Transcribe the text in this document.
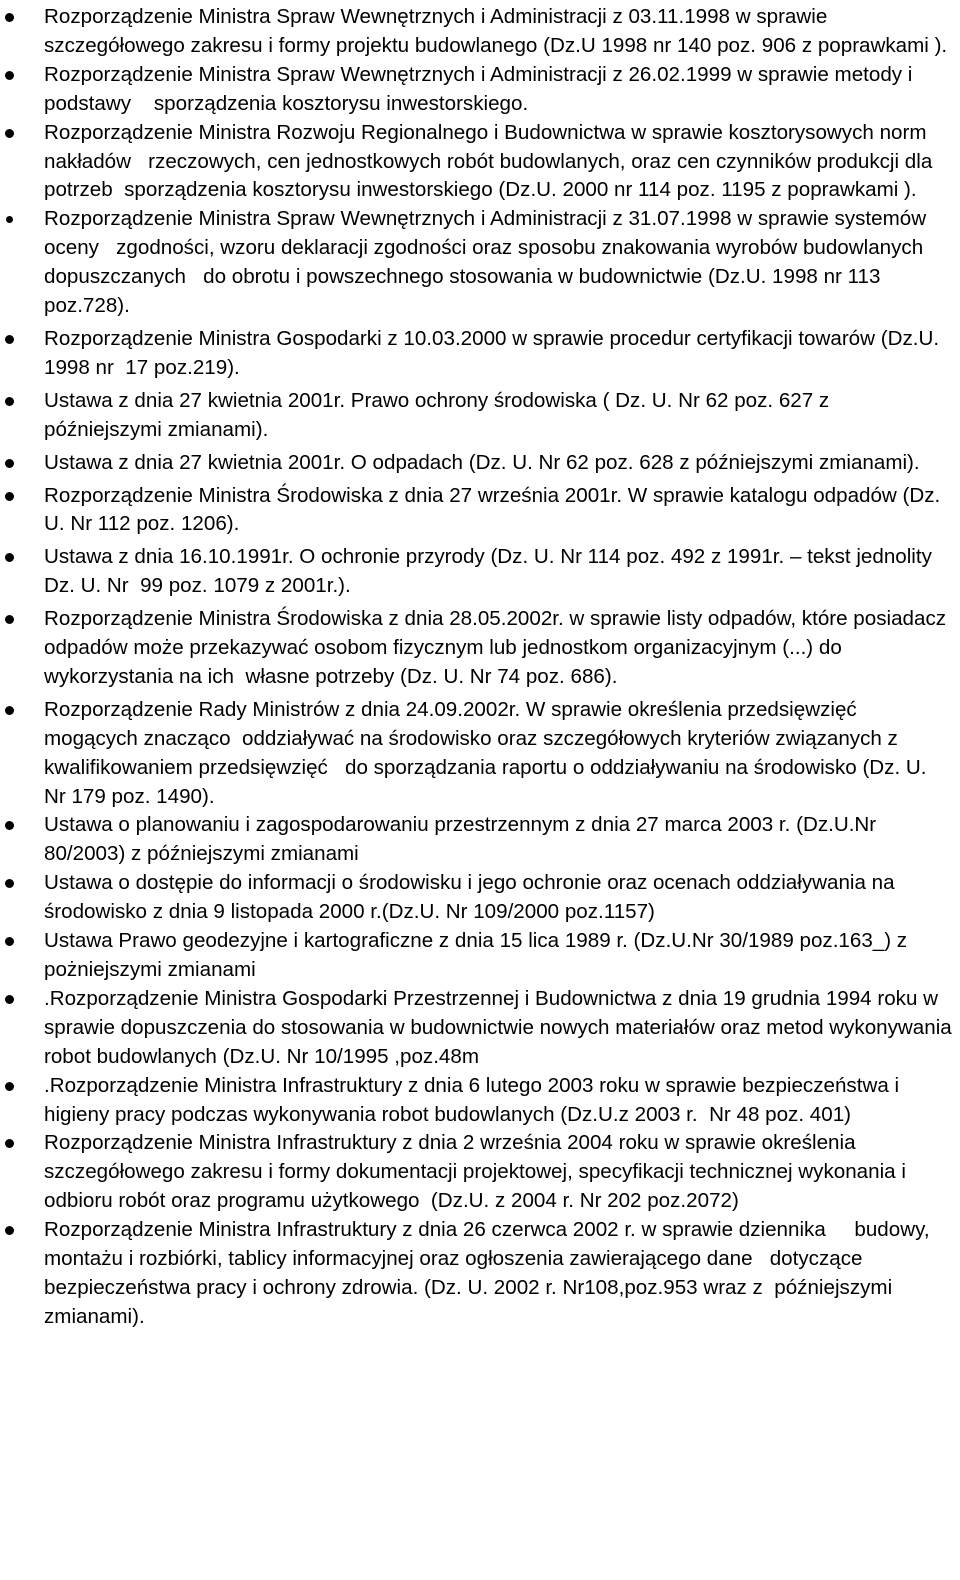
Rozporządzenie Ministra Spraw Wewnętrznych i Administracji z 03.11.1998 w sprawie szczegółowego zakresu i formy projektu budowlanego (Dz.U 1998 nr 140 poz. 906 z poprawkami ).
Rozporządzenie Ministra Spraw Wewnętrznych i Administracji z 26.02.1999 w sprawie metody i podstawy    sporządzenia kosztorysu inwestorskiego.
Rozporządzenie Ministra Rozwoju Regionalnego i Budownictwa w sprawie kosztorysowych norm nakładów   rzeczowych, cen jednostkowych robót budowlanych, oraz cen czynników produkcji dla potrzeb  sporządzenia kosztorysu inwestorskiego (Dz.U. 2000 nr 114 poz. 1195 z poprawkami ).
Rozporządzenie Ministra Spraw Wewnętrznych i Administracji z 31.07.1998 w sprawie systemów oceny   zgodności, wzoru deklaracji zgodności oraz sposobu znakowania wyrobów budowlanych dopuszczanych   do obrotu i powszechnego stosowania w budownictwie (Dz.U. 1998 nr 113 poz.728).
Rozporządzenie Ministra Gospodarki z 10.03.2000 w sprawie procedur certyfikacji towarów (Dz.U. 1998 nr  17 poz.219).
Ustawa z dnia 27 kwietnia 2001r. Prawo ochrony środowiska ( Dz. U. Nr 62 poz. 627 z późniejszymi zmianami).
Ustawa z dnia 27 kwietnia 2001r. O odpadach (Dz. U. Nr 62 poz. 628 z późniejszymi zmianami).
Rozporządzenie Ministra Środowiska z dnia 27 września 2001r. W sprawie katalogu odpadów (Dz. U. Nr 112 poz. 1206).
Ustawa z dnia 16.10.1991r. O ochronie przyrody (Dz. U. Nr 114 poz. 492 z 1991r. – tekst jednolity Dz. U. Nr  99 poz. 1079 z 2001r.).
Rozporządzenie Ministra Środowiska z dnia 28.05.2002r. w sprawie listy odpadów, które posiadacz odpadów może przekazywać osobom fizycznym lub jednostkom organizacyjnym (...) do wykorzystania na ich  własne potrzeby (Dz. U. Nr 74 poz. 686).
Rozporządzenie Rady Ministrów z dnia 24.09.2002r. W sprawie określenia przedsięwzięć mogących znacząco  oddziaływać na środowisko oraz szczegółowych kryteriów związanych z kwalifikowaniem przedsięwzięć   do sporządzania raportu o oddziaływaniu na środowisko (Dz. U. Nr 179 poz. 1490).
Ustawa o planowaniu i zagospodarowaniu przestrzennym z dnia 27 marca 2003 r. (Dz.U.Nr 80/2003) z późniejszymi zmianami
Ustawa o dostępie do informacji o środowisku i jego ochronie oraz ocenach oddziaływania na środowisko z dnia 9 listopada 2000 r.(Dz.U. Nr 109/2000 poz.1157)
Ustawa Prawo geodezyjne i kartograficzne z dnia 15 lica 1989 r. (Dz.U.Nr 30/1989 poz.163_) z pożniejszymi zmianami
.Rozporządzenie Ministra Gospodarki Przestrzennej i Budownictwa z dnia 19 grudnia 1994 roku w sprawie dopuszczenia do stosowania w budownictwie nowych materiałów oraz metod wykonywania robot budowlanych (Dz.U. Nr 10/1995 ,poz.48m
.Rozporządzenie Ministra Infrastruktury z dnia 6 lutego 2003 roku w sprawie bezpieczeństwa i higieny pracy podczas wykonywania robot budowlanych (Dz.U.z 2003 r.  Nr 48 poz. 401)
Rozporządzenie Ministra Infrastruktury z dnia 2 września 2004 roku w sprawie określenia szczegółowego zakresu i formy dokumentacji projektowej, specyfikacji technicznej wykonania i odbioru robót oraz programu użytkowego  (Dz.U. z 2004 r. Nr 202 poz.2072)
Rozporządzenie Ministra Infrastruktury z dnia 26 czerwca 2002 r. w sprawie dziennika     budowy, montażu i rozbiórki, tablicy informacyjnej oraz ogłoszenia zawierającego dane   dotyczące bezpieczeństwa pracy i ochrony zdrowia. (Dz. U. 2002 r. Nr108,poz.953 wraz z  późniejszymi zmianami).
